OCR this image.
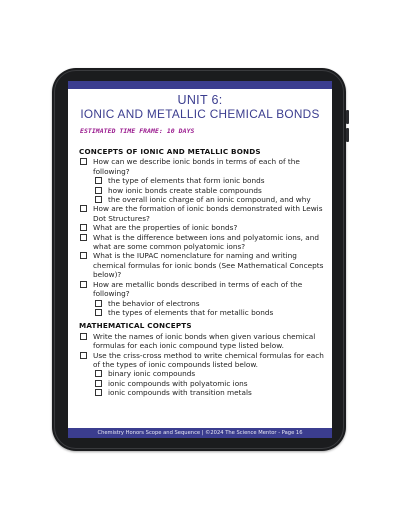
UNIT 6:
IONIC AND METALLIC CHEMICAL BONDS
ESTIMATED TIME FRAME: 10 DAYS
CONCEPTS OF IONIC AND METALLIC BONDS
How can we describe ionic bonds in terms of each of the following?
the type of elements that form ionic bonds
how ionic bonds create stable compounds
the overall ionic charge of an ionic compound, and why
How are the formation of ionic bonds demonstrated with Lewis Dot Structures?
What are the properties of ionic bonds?
What is the difference between ions and polyatomic ions, and what are some common polyatomic ions?
What is the IUPAC nomenclature for naming and writing chemical formulas for ionic bonds (See Mathematical Concepts below)?
How are metallic bonds described in terms of each of the following?
the behavior of electrons
the types of elements that for metallic bonds
MATHEMATICAL CONCEPTS
Write the names of ionic bonds when given various chemical formulas for each ionic compound type listed below.
Use the criss-cross method to write chemical formulas for each of the types of ionic compounds listed below.
binary ionic compounds
ionic compounds with polyatomic ions
ionic compounds with transition metals
Chemistry Honors Scope and Sequence | ©2024 The Science Mentor - Page 16
